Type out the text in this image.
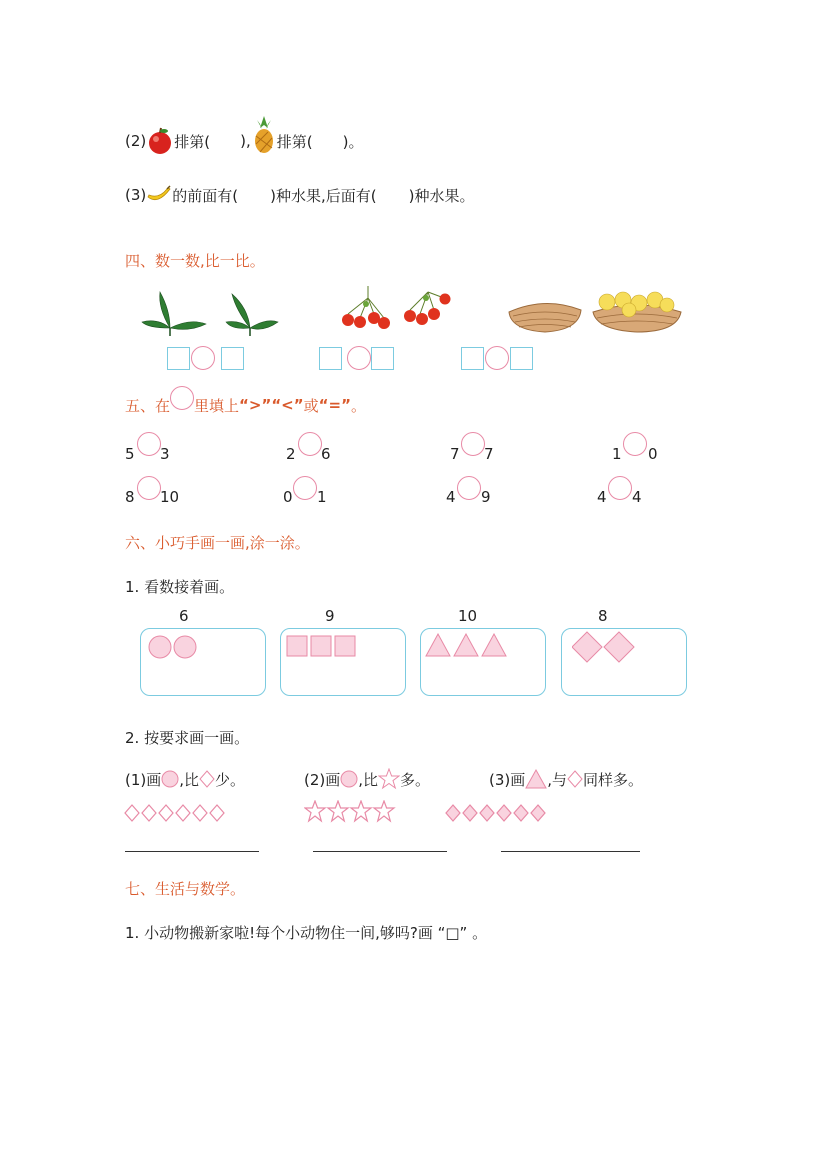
(2) 排第( ), 排第( )。
(3) 的前面有( )种水果,后面有( )种水果。
四、数一数,比一比。
五、在 里填上 “>” “<” 或 “=” 。
5 3	2 6	7 7	1 0
8 10	0 1	4 9	4 4
六、小巧手画一画,涂一涂。
1. 看数接着画。
6	9	10	8
2. 按要求画一画。
(1)画 ,比 少。	(2)画 ,比 多。	(3)画 ,与 同样多。
七、生活与数学。
1. 小动物搬新家啦!每个小动物住一间,够吗?画 “□” 。
